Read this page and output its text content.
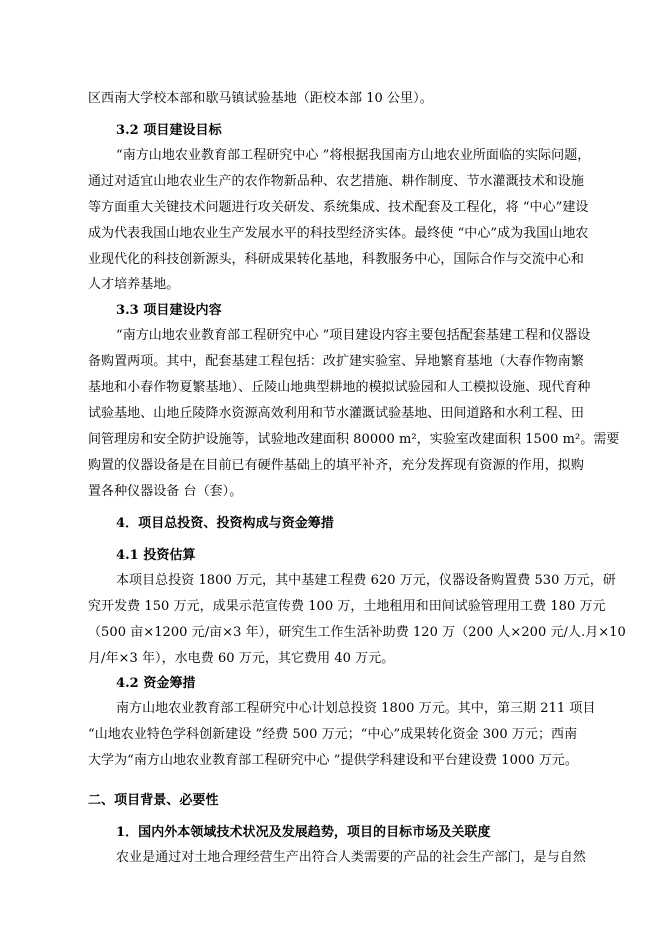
区西南大学校本部和歇马镇试验基地（距校本部 10 公里）。
3.2 项目建设目标
“南方山地农业教育部工程研究中心 ”将根据我国南方山地农业所面临的实际问题，
通过对适宜山地农业生产的农作物新品种、农艺措施、耕作制度、节水灌溉技术和设施
等方面重大关键技术问题进行攻关研发、系统集成、技术配套及工程化，将 “中心”建设
成为代表我国山地农业生产发展水平的科技型经济实体。最终使 “中心”成为我国山地农
业现代化的科技创新源头，科研成果转化基地，科教服务中心，国际合作与交流中心和
人才培养基地。
3.3 项目建设内容
“南方山地农业教育部工程研究中心 ”项目建设内容主要包括配套基建工程和仪器设
备购置两项。其中，配套基建工程包括：改扩建实验室、异地繁育基地（大春作物南繁
基地和小春作物夏繁基地）、丘陵山地典型耕地的模拟试验园和人工模拟设施、现代育种
试验基地、山地丘陵降水资源高效利用和节水灌溉试验基地、田间道路和水利工程、田
间管理房和安全防护设施等，试验地改建面积 80000 m²，实验室改建面积 1500 m²。需要
购置的仪器设备是在目前已有硬件基础上的填平补齐，充分发挥现有资源的作用，拟购
置各种仪器设备 台（套）。
4．项目总投资、投资构成与资金筹措
4.1 投资估算
本项目总投资 1800 万元，其中基建工程费 620 万元，仪器设备购置费 530 万元，研
究开发费 150 万元，成果示范宣传费 100 万，土地租用和田间试验管理用工费 180 万元
（500 亩×1200 元/亩×3 年），研究生工作生活补助费 120 万（200 人×200 元/人.月×10
月/年×3 年），水电费 60 万元，其它费用 40 万元。
4.2 资金筹措
南方山地农业教育部工程研究中心计划总投资 1800 万元。其中，第三期 211 项目
“山地农业特色学科创新建设 ”经费 500 万元；“中心”成果转化资金 300 万元；西南
大学为“南方山地农业教育部工程研究中心 ”提供学科建设和平台建设费 1000 万元。
二、项目背景、必要性
1．国内外本领域技术状况及发展趋势，项目的目标市场及关联度
农业是通过对土地合理经营生产出符合人类需要的产品的社会生产部门，是与自然
